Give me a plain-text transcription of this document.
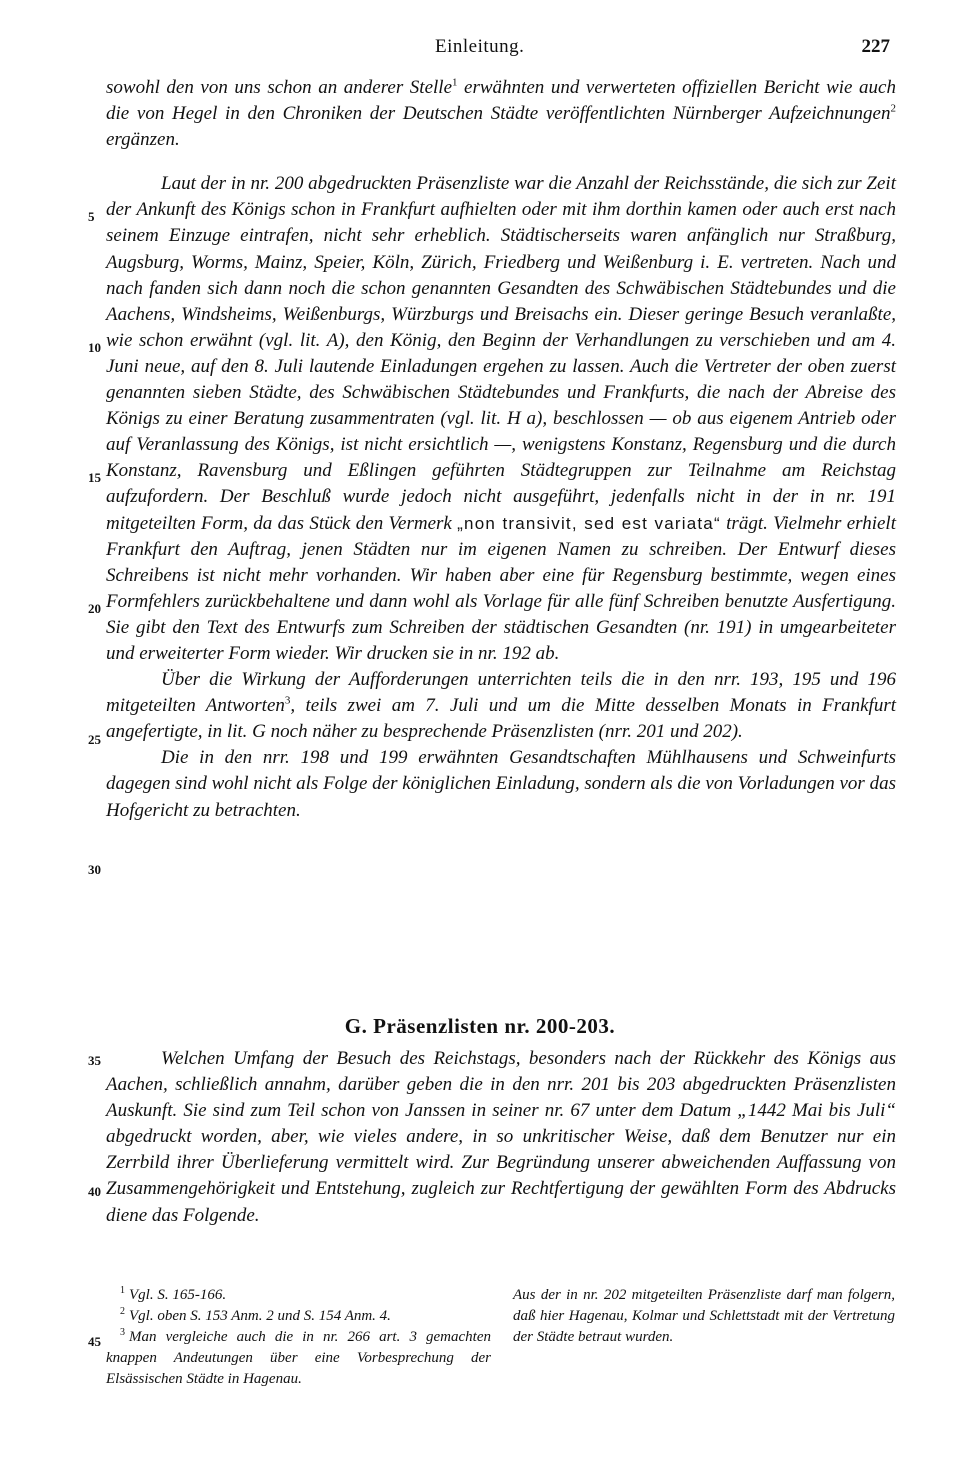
Einleitung.	227

sowohl den von uns schon an anderer Stelle$^1$ erwähnten und verwerteten offiziellen Bericht wie auch die von Hegel in den Chroniken der Deutschen Städte veröffentlichten Nürnberger Aufzeichnungen$^2$ ergänzen.

Laut der in nr. 200 abgedruckten Präsenzliste war die Anzahl der Reichsstände, die sich zur Zeit der Ankunft des Königs schon in Frankfurt aufhielten oder mit ihm dorthin kamen oder auch erst nach seinem Einzuge eintrafen, nicht sehr erheblich. Städtischerseits waren anfänglich nur Straßburg, Augsburg, Worms, Mainz, Speier, Köln, Zürich, Friedberg und Weißenburg i. E. vertreten. Nach und nach fanden sich dann noch die schon genannten Gesandten des Schwäbischen Städtebundes und die Aachens, Windsheims, Weißenburgs, Würzburgs und Breisachs ein. Dieser geringe Besuch veranlaßte, wie schon erwähnt (vgl. lit. A), den König, den Beginn der Verhandlungen zu verschieben und am 4. Juni neue, auf den 8. Juli lautende Einladungen ergehen zu lassen. Auch die Vertreter der oben zuerst genannten sieben Städte, des Schwäbischen Städtebundes und Frankfurts, die nach der Abreise des Königs zu einer Beratung zusammentraten (vgl. lit. H a), beschlossen — ob aus eigenem Antrieb oder auf Veranlassung des Königs, ist nicht ersichtlich —, wenigstens Konstanz, Regensburg und die durch Konstanz, Ravensburg und Eßlingen geführten Städtegruppen zur Teilnahme am Reichstag aufzufordern. Der Beschluß wurde jedoch nicht ausgeführt, jedenfalls nicht in der in nr. 191 mitgeteilten Form, da das Stück den Vermerk „non transivit, sed est variata“ trägt. Vielmehr erhielt Frankfurt den Auftrag, jenen Städten nur im eigenen Namen zu schreiben. Der Entwurf dieses Schreibens ist nicht mehr vorhanden. Wir haben aber eine für Regensburg bestimmte, wegen eines Formfehlers zurückbehaltene und dann wohl als Vorlage für alle fünf Schreiben benutzte Ausfertigung. Sie gibt den Text des Entwurfs zum Schreiben der städtischen Gesandten (nr. 191) in umgearbeiteter und erweiterter Form wieder. Wir drucken sie in nr. 192 ab.

Über die Wirkung der Aufforderungen unterrichten teils die in den nrr. 193, 195 und 196 mitgeteilten Antworten$^3$, teils zwei am 7. Juli und um die Mitte desselben Monats in Frankfurt angefertigte, in lit. G noch näher zu besprechende Präsenzlisten (nrr. 201 und 202).

Die in den nrr. 198 und 199 erwähnten Gesandtschaften Mühlhausens und Schweinfurts dagegen sind wohl nicht als Folge der königlichen Einladung, sondern als die von Vorladungen vor das Hofgericht zu betrachten.

G. Präsenzlisten nr. 200-203.

Welchen Umfang der Besuch des Reichstags, besonders nach der Rückkehr des Königs aus Aachen, schließlich annahm, darüber geben die in den nrr. 201 bis 203 abgedruckten Präsenzlisten Auskunft. Sie sind zum Teil schon von Janssen in seiner nr. 67 unter dem Datum „1442 Mai bis Juli“ abgedruckt worden, aber, wie vieles andere, in so unkritischer Weise, daß dem Benutzer nur ein Zerrbild ihrer Überlieferung vermittelt wird. Zur Begründung unserer abweichenden Auffassung von Zusammengehörigkeit und Entstehung, zugleich zur Rechtfertigung der gewählten Form des Abdrucks diene das Folgende.

5
10
15
20
25
30
35
40
45

$^1$ Vgl. S. 165-166.

$^2$ Vgl. oben S. 153 Anm. 2 und S. 154 Anm. 4.

$^3$ Man vergleiche auch die in nr. 266 art. 3 gemachten knappen Andeutungen über eine Vorbesprechung der Elsässischen Städte in Hagenau.

Aus der in nr. 202 mitgeteilten Präsenzliste darf man folgern, daß hier Hagenau, Kolmar und Schlettstadt mit der Vertretung der Städte betraut wurden.
